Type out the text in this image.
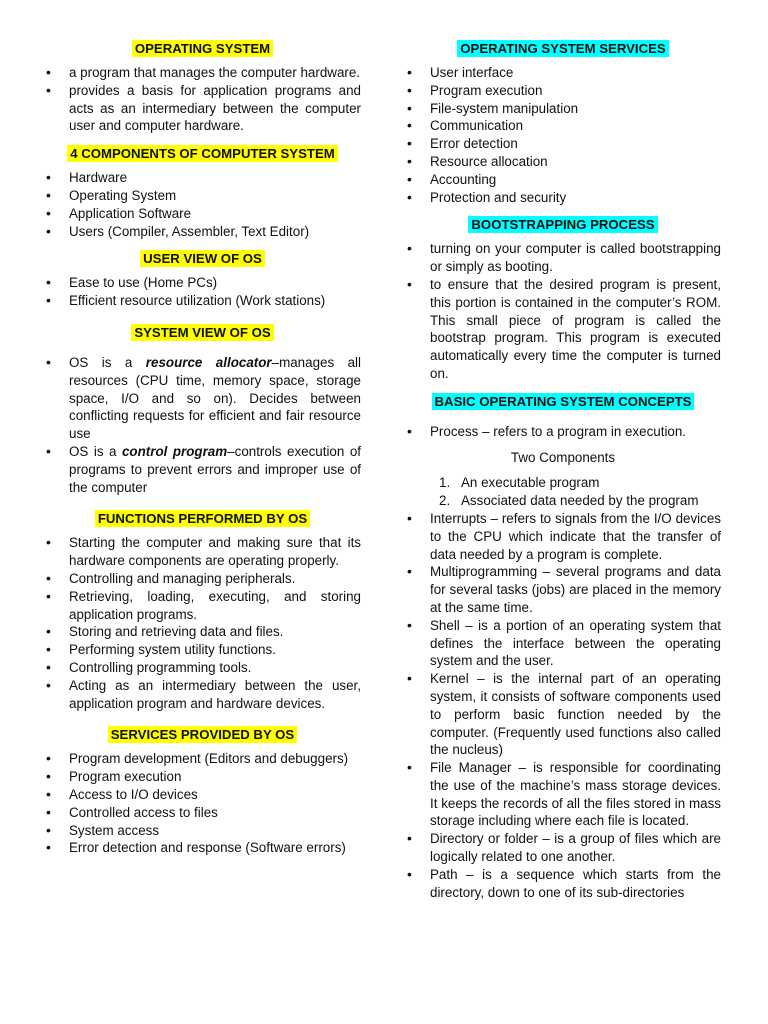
OPERATING SYSTEM
• a program that manages the computer hardware.
• provides a basis for application programs and acts as an intermediary between the computer user and computer hardware.
4 COMPONENTS OF COMPUTER SYSTEM
• Hardware
• Operating System
• Application Software
• Users (Compiler, Assembler, Text Editor)
USER VIEW OF OS
• Ease to use (Home PCs)
• Efficient resource utilization (Work stations)
SYSTEM VIEW OF OS
• OS is a resource allocator–manages all resources (CPU time, memory space, storage space, I/O and so on). Decides between conflicting requests for efficient and fair resource use
• OS is a control program–controls execution of programs to prevent errors and improper use of the computer
FUNCTIONS PERFORMED BY OS
• Starting the computer and making sure that its hardware components are operating properly.
• Controlling and managing peripherals.
• Retrieving, loading, executing, and storing application programs.
• Storing and retrieving data and files.
• Performing system utility functions.
• Controlling programming tools.
• Acting as an intermediary between the user, application program and hardware devices.
SERVICES PROVIDED BY OS
• Program development (Editors and debuggers)
• Program execution
• Access to I/O devices
• Controlled access to files
• System access
• Error detection and response (Software errors)
OPERATING SYSTEM SERVICES
• User interface
• Program execution
• File-system manipulation
• Communication
• Error detection
• Resource allocation
• Accounting
• Protection and security
BOOTSTRAPPING PROCESS
• turning on your computer is called bootstrapping or simply as booting.
• to ensure that the desired program is present, this portion is contained in the computer’s ROM. This small piece of program is called the bootstrap program. This program is executed automatically every time the computer is turned on.
BASIC OPERATING SYSTEM CONCEPTS
• Process – refers to a program in execution.
Two Components
1. An executable program
2. Associated data needed by the program
• Interrupts – refers to signals from the I/O devices to the CPU which indicate that the transfer of data needed by a program is complete.
• Multiprogramming – several programs and data for several tasks (jobs) are placed in the memory at the same time.
• Shell – is a portion of an operating system that defines the interface between the operating system and the user.
• Kernel – is the internal part of an operating system, it consists of software components used to perform basic function needed by the computer. (Frequently used functions also called the nucleus)
• File Manager – is responsible for coordinating the use of the machine’s mass storage devices. It keeps the records of all the files stored in mass storage including where each file is located.
• Directory or folder – is a group of files which are logically related to one another.
• Path – is a sequence which starts from the directory, down to one of its sub-directories
